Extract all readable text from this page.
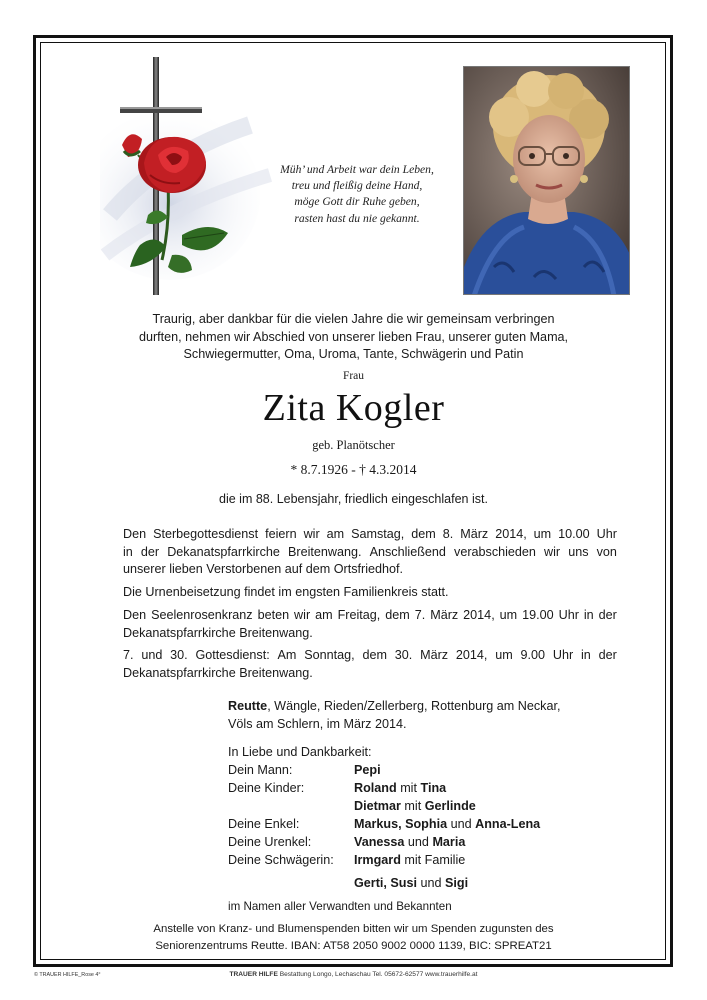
Müh’ und Arbeit war dein Leben,
treu und fleißig deine Hand,
möge Gott dir Ruhe geben,
rasten hast du nie gekannt.
Traurig, aber dankbar für die vielen Jahre die wir gemeinsam verbringen
durften, nehmen wir Abschied von unserer lieben Frau, unserer guten Mama,
Schwiegermutter, Oma, Uroma, Tante, Schwägerin und Patin
Frau
Zita Kogler
geb. Planötscher
* 8.7.1926 - † 4.3.2014
die im 88. Lebensjahr, friedlich eingeschlafen ist.
Den Sterbegottesdienst feiern wir am Samstag, dem 8. März 2014, um 10.00 Uhr
in der Dekanatspfarrkirche Breitenwang. Anschließend verabschieden wir uns von
unserer lieben Verstorbenen auf dem Ortsfriedhof.
Die Urnenbeisetzung findet im engsten Familienkreis statt.
Den Seelenrosenkranz beten wir am Freitag, dem 7. März 2014, um 19.00 Uhr in der
Dekanatspfarrkirche Breitenwang.
7. und 30. Gottesdienst: Am Sonntag, dem 30. März 2014, um 9.00 Uhr in der
Dekanatspfarrkirche Breitenwang.
Reutte, Wängle, Rieden/Zellerberg, Rottenburg am Neckar,
Völs am Schlern, im März 2014.
In Liebe und Dankbarkeit:
Dein Mann:	Pepi
Deine Kinder:	Roland mit Tina
Dietmar mit Gerlinde
Deine Enkel:	Markus, Sophia und Anna-Lena
Deine Urenkel:	Vanessa und Maria
Deine Schwägerin: Irmgard mit Familie
Gerti, Susi und Sigi
im Namen aller Verwandten und Bekannten
Anstelle von Kranz- und Blumenspenden bitten wir um Spenden zugunsten des
Seniorenzentrums Reutte. IBAN: AT58 2050 9002 0000 1139, BIC: SPREAT21
© TRAUER HILFE_Rose 4°	TRAUER HILFE Bestattung Longo, Lechaschau Tel. 05672-62577 www.trauerhilfe.at
